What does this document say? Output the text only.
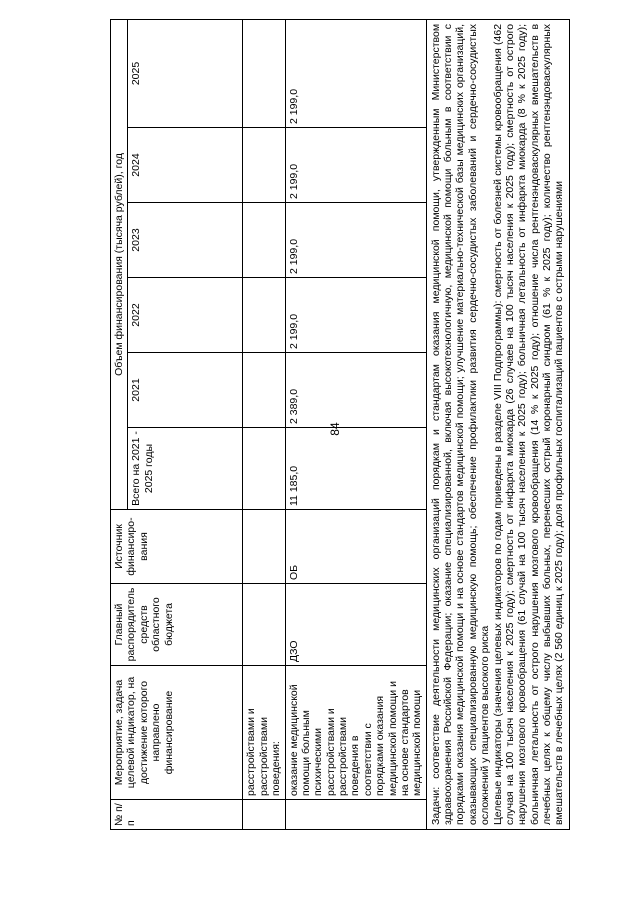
84
№ п/п	Мероприятие, задача целевой индикатор, на достижение которого направлено финансирование	Главный распорядитель средств областного бюджета	Источник финансиро-вания	Объем финансирования (тысяча рублей), год					
				Всего на 2021 - 2025 годы	2021	2022	2023	2024	2025
	расстройствами и расстройствами поведения:								
	оказание медицинской помощи больным психическими расстройствами и расстройствами поведения в соответствии с порядками оказания медицинской помощи и на основе стандартов медицинской помощи	ДЗО	ОБ	11 185,0	2 389,0	2 199,0	2 199,0	2 199,0	2 199,0

Задачи: соответствие деятельности медицинских организаций порядкам и стандартам оказания медицинской помощи, утвержденным Министерством здравоохранения Российской Федерации; оказание специализированной, включая высокотехнологичную, медицинской помощи больным в соответствии с порядками оказания медицинской помощи и на основе стандартов медицинской помощи; улучшение материально-технической базы медицинских организаций, оказывающих специализированную медицинскую помощь; обеспечение профилактики развития сердечно-сосудистых заболеваний и сердечно-сосудистых осложнений у пациентов высокого риска Целевые индикаторы (значения целевых индикаторов по годам приведены в разделе VIII Подпрограммы): смертность от болезней системы кровообращения (462 случая на 100 тысяч населения к 2025 году); смертность от инфаркта миокарда (26 случаев на 100 тысяч населения к 2025 году); смертность от острого нарушения мозгового кровообращения (61 случай на 100 тысяч населения к 2025 году); больничная летальность от инфаркта миокарда (8 % к 2025 году); больничная летальность от острого нарушения мозгового кровообращения (14 % к 2025 году); отношение числа рентгенэндоваскулярных вмешательств в лечебных целях к общему числу выбывших больных, перенесших острый коронарный синдром (61 % к 2025 году); количество рентгенэндоваскулярных вмешательств в лечебных целях (2 560 единиц к 2025 году); доля профильных госпитализаций пациентов с острыми нарушениями									
